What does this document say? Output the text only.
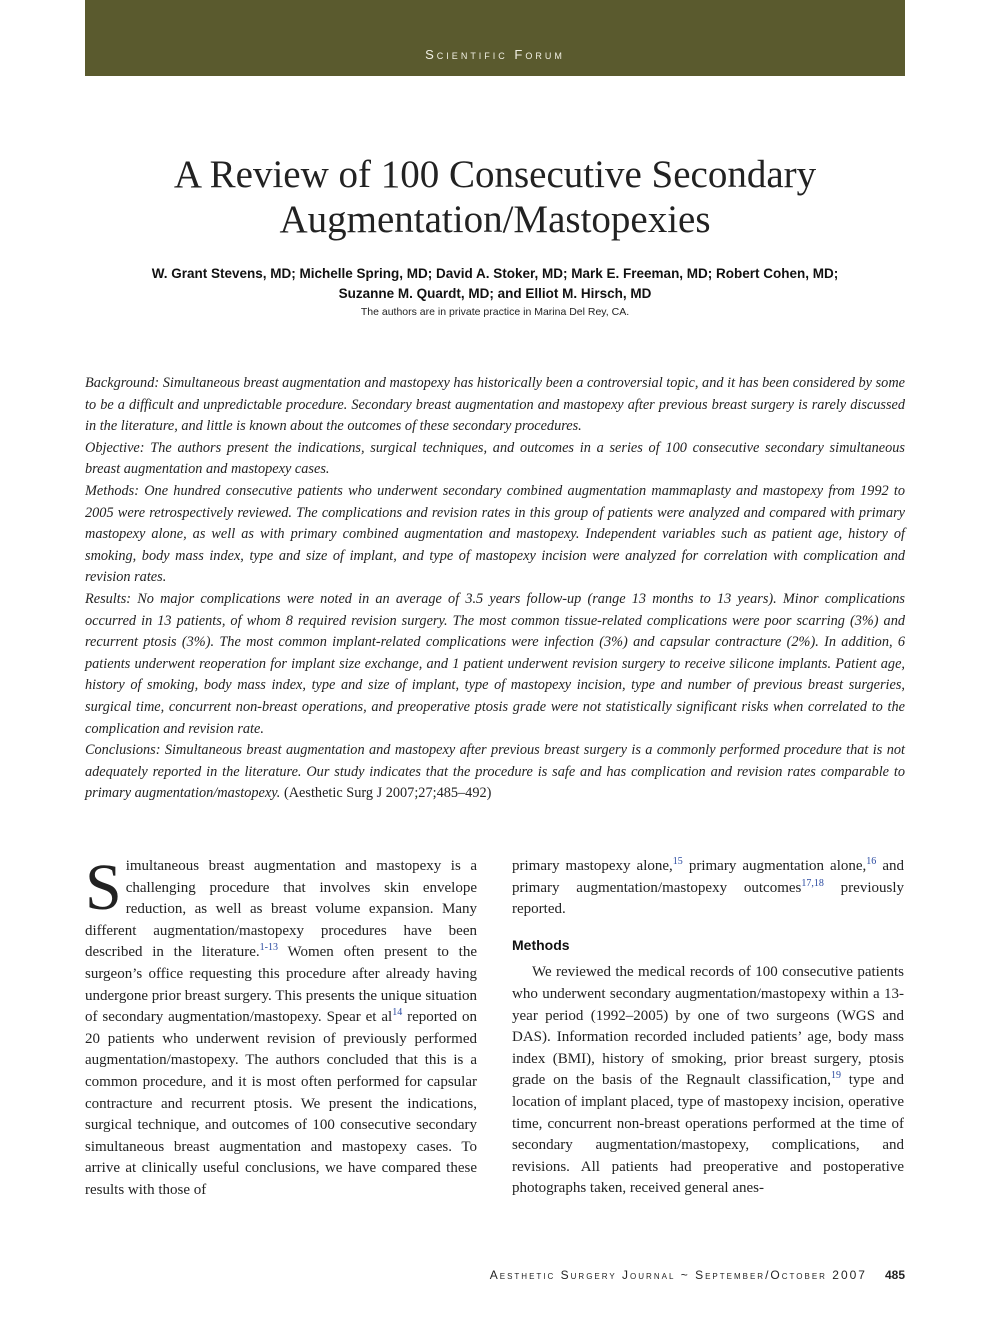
Scientific Forum
A Review of 100 Consecutive Secondary
Augmentation/Mastopexies
W. Grant Stevens, MD; Michelle Spring, MD; David A. Stoker, MD; Mark E. Freeman, MD; Robert Cohen, MD;
Suzanne M. Quardt, MD; and Elliot M. Hirsch, MD
The authors are in private practice in Marina Del Rey, CA.

Background: Simultaneous breast augmentation and mastopexy has historically been a controversial topic, and it has been considered by some to be a difficult and unpredictable procedure. Secondary breast augmentation and mastopexy after previous breast surgery is rarely discussed in the literature, and little is known about the outcomes of these secondary procedures.

Objective: The authors present the indications, surgical techniques, and outcomes in a series of 100 consecutive secondary simultaneous breast augmentation and mastopexy cases.

Methods: One hundred consecutive patients who underwent secondary combined augmentation mammaplasty and mastopexy from 1992 to 2005 were retrospectively reviewed. The complications and revision rates in this group of patients were analyzed and compared with primary mastopexy alone, as well as with primary combined augmentation and mastopexy. Independent variables such as patient age, history of smoking, body mass index, type and size of implant, and type of mastopexy incision were analyzed for correlation with complication and revision rates.

Results: No major complications were noted in an average of 3.5 years follow-up (range 13 months to 13 years). Minor complications occurred in 13 patients, of whom 8 required revision surgery. The most common tissue-related complications were poor scarring (3%) and recurrent ptosis (3%). The most common implant-related complications were infection (3%) and capsular contracture (2%). In addition, 6 patients underwent reoperation for implant size exchange, and 1 patient underwent revision surgery to receive silicone implants. Patient age, history of smoking, body mass index, type and size of implant, type of mastopexy incision, type and number of previous breast surgeries, surgical time, concurrent non-breast operations, and preoperative ptosis grade were not statistically significant risks when correlated to the complication and revision rate.

Conclusions: Simultaneous breast augmentation and mastopexy after previous breast surgery is a commonly performed procedure that is not adequately reported in the literature. Our study indicates that the procedure is safe and has complication and revision rates comparable to primary augmentation/mastopexy. (Aesthetic Surg J 2007;27;485–492)

Simultaneous breast augmentation and mastopexy is a challenging procedure that involves skin envelope reduction, as well as breast volume expansion. Many different augmentation/mastopexy procedures have been described in the literature.$^{1-13}$ Women often present to the surgeon’s office requesting this procedure after already having undergone prior breast surgery. This presents the unique situation of secondary augmentation/mastopexy. Spear et $al^{14}$ reported on 20 patients who underwent revision of previously performed augmentation/mastopexy. The authors concluded that this is a common procedure, and it is most often performed for capsular contracture and recurrent ptosis. We present the indications, surgical technique, and outcomes of 100 consecutive secondary simultaneous breast augmentation and mastopexy cases. To arrive at clinically useful conclusions, we have compared these results with those of

primary mastopexy alone,$^{15}$ primary augmentation alone,$^{16}$ and primary augmentation/mastopexy outcomes$^{17,18}$ previously reported.

Methods

We reviewed the medical records of 100 consecutive patients who underwent secondary augmentation/mastopexy within a 13-year period (1992–2005) by one of two surgeons (WGS and DAS). Information recorded included patients’ age, body mass index (BMI), history of smoking, prior breast surgery, ptosis grade on the basis of the Regnault classification,$^{19}$ type and location of implant placed, type of mastopexy incision, operative time, concurrent non-breast operations performed at the time of secondary augmentation/mastopexy, complications, and revisions. All patients had preoperative and postoperative photographs taken, received general anes-

Aesthetic Surgery Journal ~ September/October 2007 485
